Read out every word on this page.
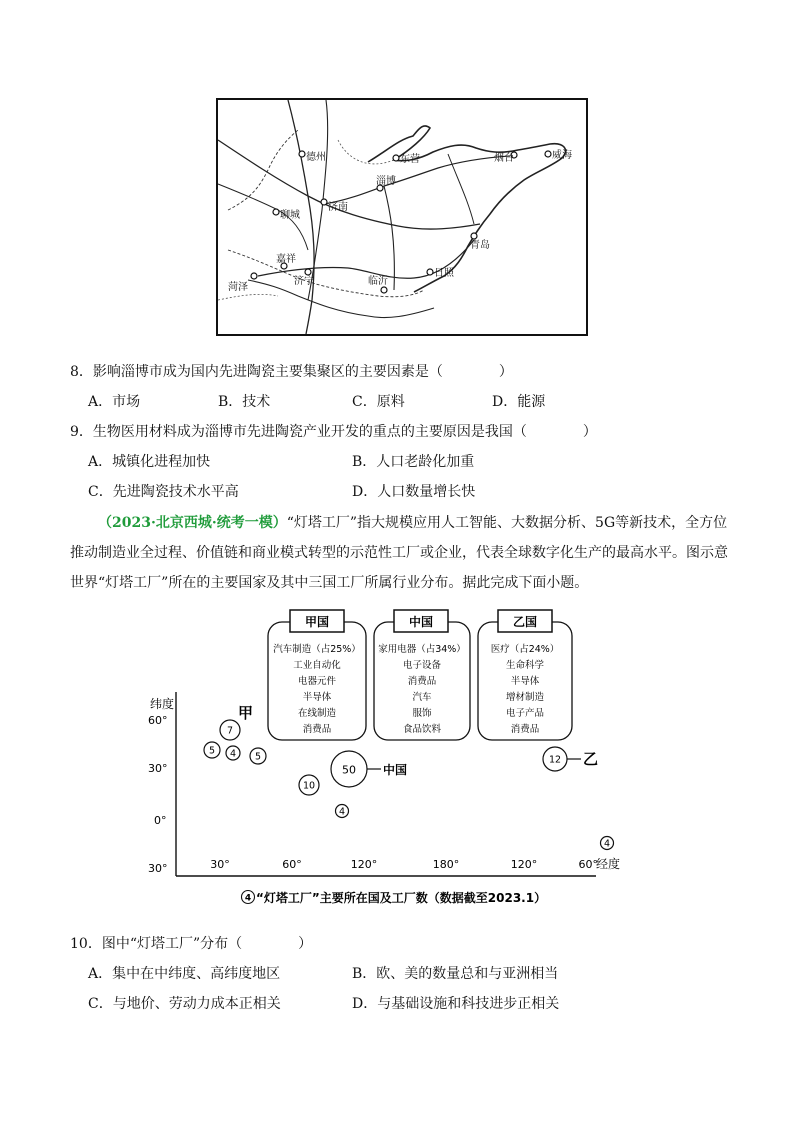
德州	东营	烟台	威海
淄博
济南
聊城
青岛
菏泽
嘉祥
济宁	临沂
日照
8．影响淄博市成为国内先进陶瓷主要集聚区的主要因素是（	）
A．市场	B．技术	C．原料	D．能源
9．生物医用材料成为淄博市先进陶瓷产业开发的重点的主要原因是我国（	）
A．城镇化进程加快	B．人口老龄化加重
C．先进陶瓷技术水平高	D．人口数量增长快
（2023·北京西城·统考一模）“灯塔工厂”指大规模应用人工智能、大数据分析、5G等新技术，全方位推动制造业全过程、价值链和商业模式转型的示范性工厂或企业，代表全球数字化生产的最高水平。图示意世界“灯塔工厂”所在的主要国家及其中三国工厂所属行业分布。据此完成下面小题。
甲国
汽车制造（占25%）
工业自动化
电器元件
半导体
在线制造
消费品
中国
家用电器（占34%）
电子设备
消费品
汽车
服饰
食品饮料
乙国
医疗（占24%）
生命科学
半导体
增材制造
电子产品
消费品
纬度
60°
30°
0°
30°	30°	60°	120°	180°	120°	60°
经度
7
甲
5 4 5
10
50 中国
4
12 乙
4
4 “灯塔工厂”主要所在国及工厂数（数据截至2023.1）
10．图中“灯塔工厂”分布（	）
A．集中在中纬度、高纬度地区	B．欧、美的数量总和与亚洲相当
C．与地价、劳动力成本正相关	D．与基础设施和科技进步正相关
